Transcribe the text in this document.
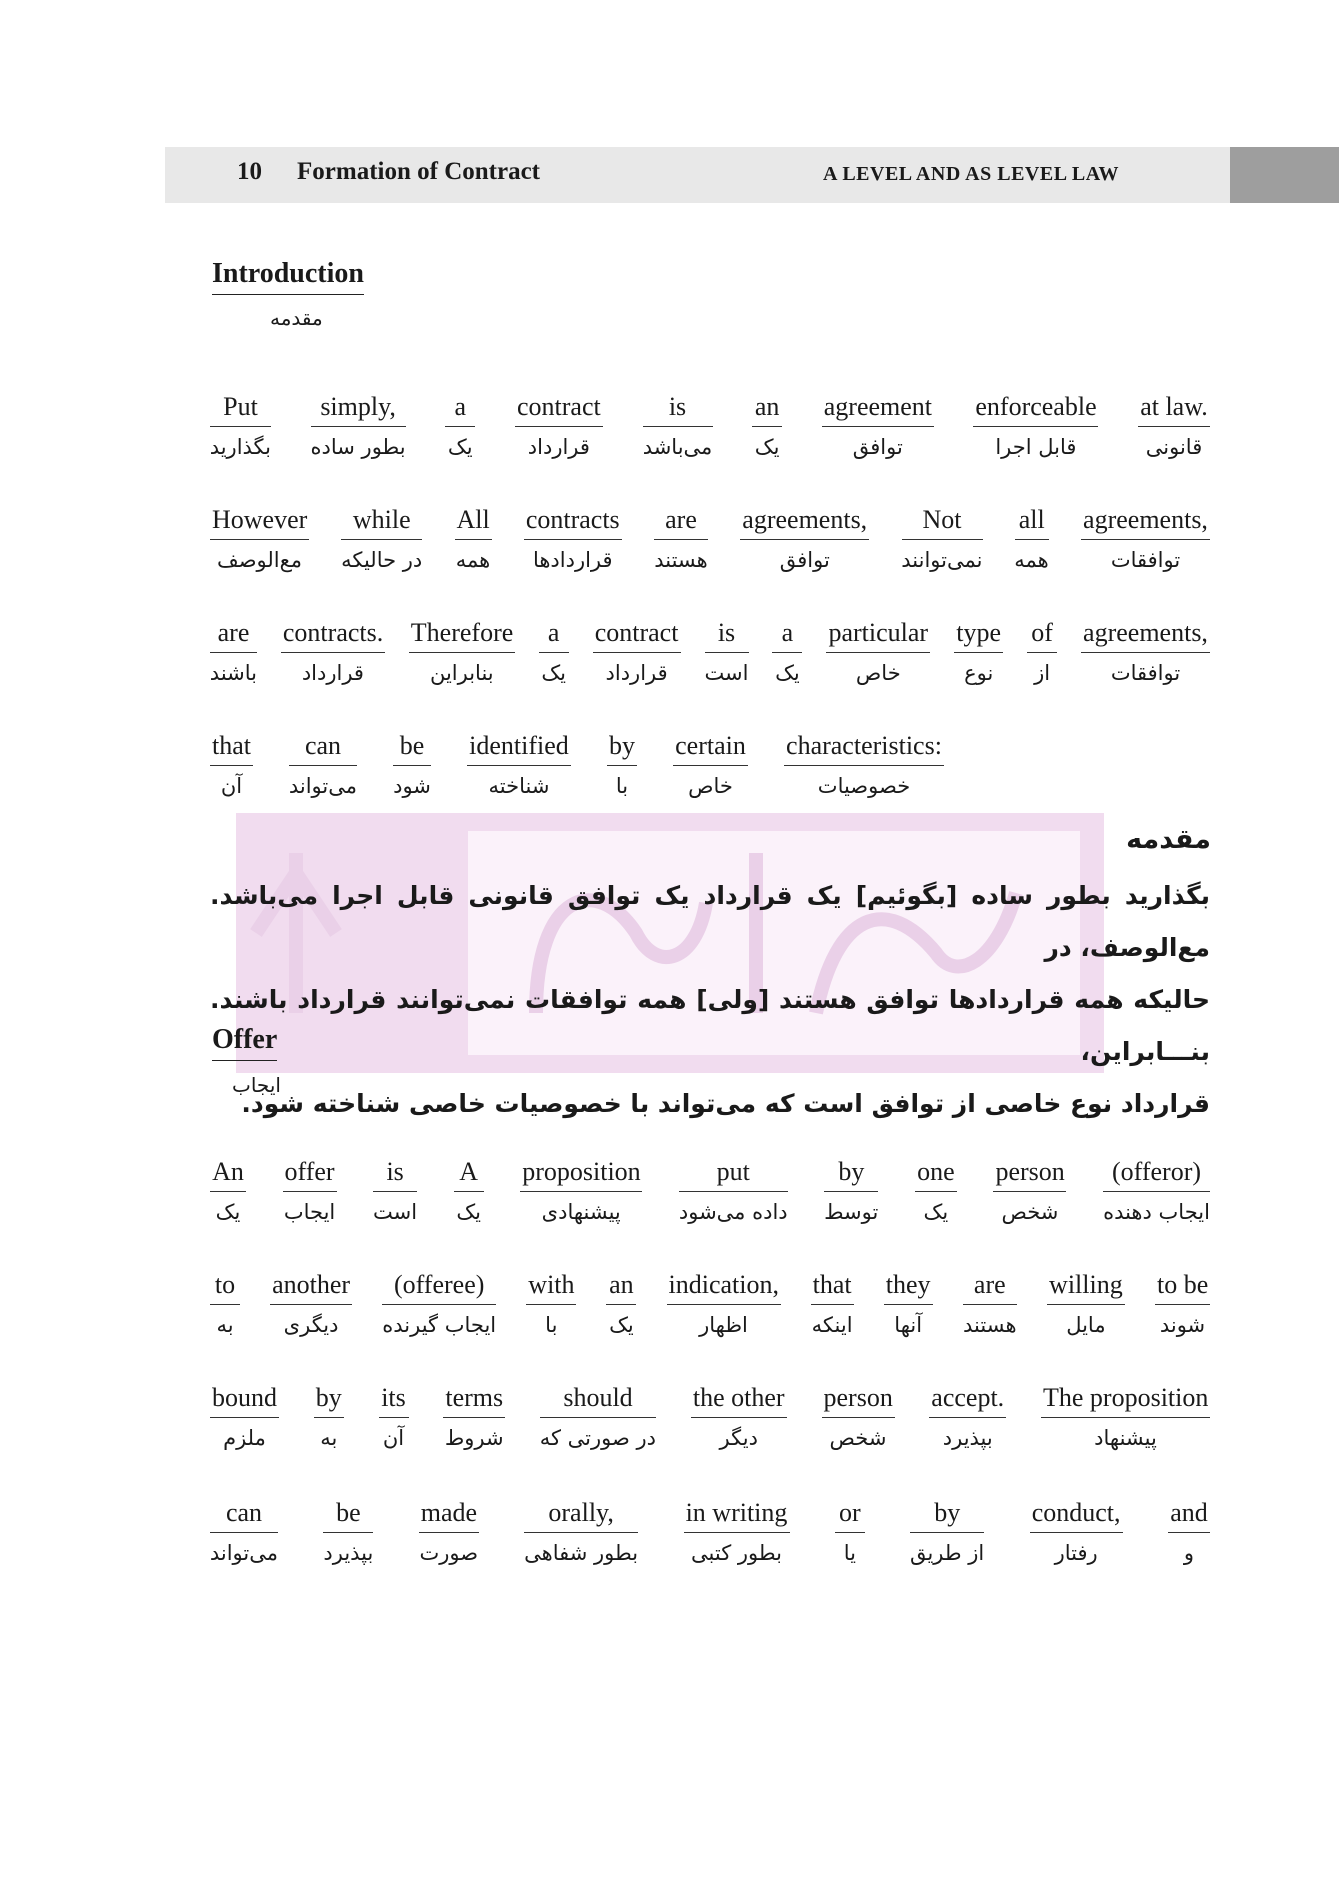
10 Formation of Contract	A LEVEL AND AS LEVEL LAW
Introduction
مقدمه
Put
بگذارید
simply,
بطور ساده
a
یک
contract
قرارداد
is
می‌باشد
an
یک
agreement
توافق
enforceable
قابل اجرا
at law.
قانونی
However
مع‌الوصف
while
در حالیکه
All
همه
contracts
قراردادها
are
هستند
agreements,
توافق
Not
نمی‌توانند
all
همه
agreements,
توافقات
are
باشند
contracts.
قرارداد
Therefore
بنابراین
a
یک
contract
قرارداد
is
است
a
یک
particular
خاص
type
نوع
of
از
agreements,
توافقات
that
آن
can
می‌تواند
be
شود
identified
شناخته
by
با
certain
خاص
characteristics:
خصوصیات
مقدمه
بگذارید بطور ساده [بگوئیم] یک قرارداد یک توافق قانونی قابل اجرا می‌باشد. مع‌الوصف، در
حالیکه همه قراردادها توافق هستند [ولی] همه توافقات نمی‌توانند قرارداد باشند. بنـــابراین،
قرارداد نوع خاصی از توافق است که می‌تواند با خصوصیات خاصی شناخته شود.
Offer
ایجاب
An
یک
offer
ایجاب
is
است
A
یک
proposition
پیشنهادی
put
داده می‌شود
by
توسط
one
یک
person
شخص
(offeror)
ایجاب دهنده
to
به
another
دیگری
(offeree)
ایجاب گیرنده
with
با
an
یک
indication,
اظهار
that
اینکه
they
آنها
are
هستند
willing
مایل
to be
شوند
bound
ملزم
by
به
its
آن
terms
شروط
should
در صورتی که
the other
دیگر
person
شخص
accept.
بپذیرد
The proposition
پیشنهاد
can
می‌تواند
be
بپذیرد
made
صورت
orally,
بطور شفاهی
in writing
بطور کتبی
or
یا
by
از طریق
conduct,
رفتار
and
و
